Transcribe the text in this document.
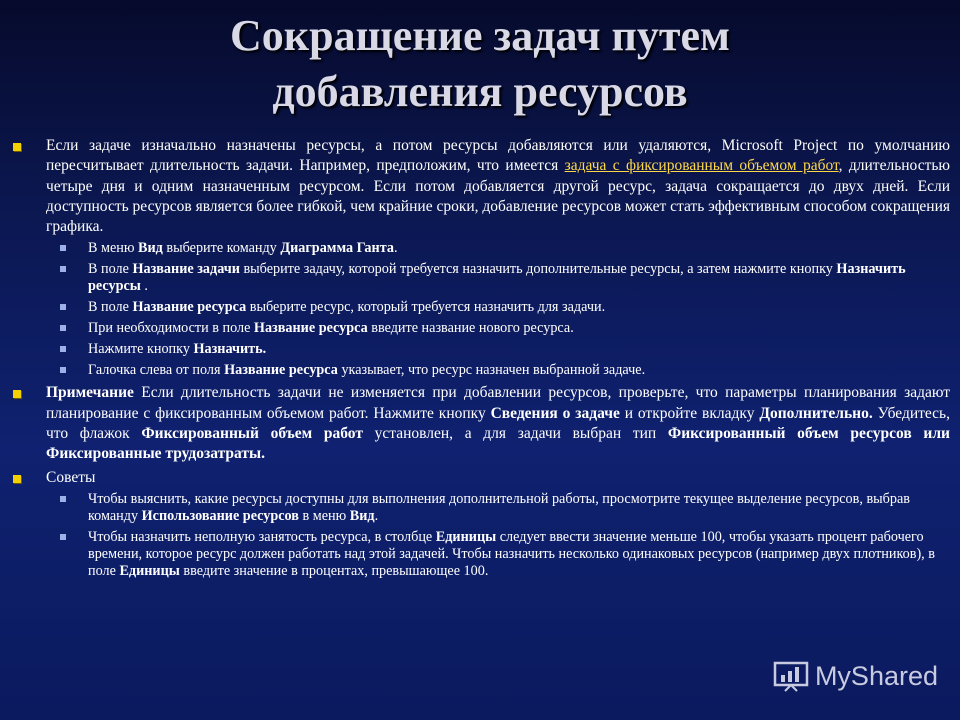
Сокращение задач путем
добавления ресурсов
Если задаче изначально назначены ресурсы, а потом ресурсы добавляются или удаляются, Microsoft Project по умолчанию пересчитывает длительность задачи. Например, предположим, что имеется задача с фиксированным объемом работ, длительностью четыре дня и одним назначенным ресурсом. Если потом добавляется другой ресурс, задача сокращается до двух дней. Если доступность ресурсов является более гибкой, чем крайние сроки, добавление ресурсов может стать эффективным способом сокращения графика.
В меню Вид выберите команду Диаграмма Ганта.
В поле Название задачи выберите задачу, которой требуется назначить дополнительные ресурсы, а затем нажмите кнопку Назначить ресурсы .
В поле Название ресурса выберите ресурс, который требуется назначить для задачи.
При необходимости в поле Название ресурса введите название нового ресурса.
Нажмите кнопку Назначить.
Галочка слева от поля Название ресурса указывает, что ресурс назначен выбранной задаче.
Примечание Если длительность задачи не изменяется при добавлении ресурсов, проверьте, что параметры планирования задают планирование с фиксированным объемом работ. Нажмите кнопку Сведения о задаче и откройте вкладку Дополнительно. Убедитесь, что флажок Фиксированный объем работ установлен, а для задачи выбран тип Фиксированный объем ресурсов или Фиксированные трудозатраты.
Советы
Чтобы выяснить, какие ресурсы доступны для выполнения дополнительной работы, просмотрите текущее выделение ресурсов, выбрав команду Использование ресурсов в меню Вид.
Чтобы назначить неполную занятость ресурса, в столбце Единицы следует ввести значение меньше 100, чтобы указать процент рабочего времени, которое ресурс должен работать над этой задачей. Чтобы назначить несколько одинаковых ресурсов (например двух плотников), в поле Единицы введите значение в процентах, превышающее 100.
MyShared
